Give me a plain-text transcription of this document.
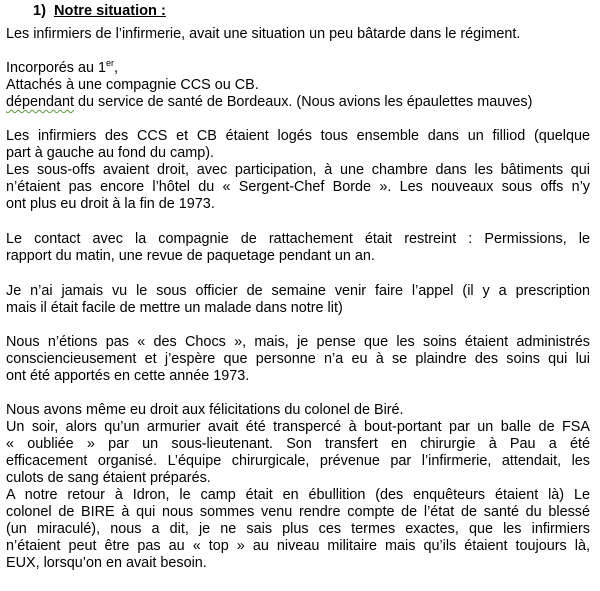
1) Notre situation :
Les infirmiers de l’infirmerie, avait une situation un peu bâtarde dans le régiment.
Incorporés au 1er,
Attachés à une compagnie CCS ou CB.
dépendant du service de santé de Bordeaux. (Nous avions les épaulettes mauves)
Les infirmiers des CCS et CB étaient logés tous ensemble dans un filliod (quelque
part à gauche au fond du camp).
Les sous-offs avaient droit, avec participation, à une chambre dans les bâtiments qui
n’étaient pas encore l’hôtel du « Sergent-Chef Borde ». Les nouveaux sous offs n’y
ont plus eu droit à la fin de 1973.
Le contact avec la compagnie de rattachement était restreint : Permissions, le
rapport du matin, une revue de paquetage pendant un an.
Je n’ai jamais vu le sous officier de semaine venir faire l’appel (il y a prescription
mais il était facile de mettre un malade dans notre lit)
Nous n’étions pas « des Chocs », mais, je pense que les soins étaient administrés
consciencieusement et j’espère que personne n’a eu à se plaindre des soins qui lui
ont été apportés en cette année 1973.
Nous avons même eu droit aux félicitations du colonel de Biré.
Un soir, alors qu’un armurier avait été transpercé à bout-portant par un balle de FSA
« oubliée » par un sous-lieutenant. Son transfert en chirurgie à Pau a été
efficacement organisé. L’équipe chirurgicale, prévenue par l’infirmerie, attendait, les
culots de sang étaient préparés.
A notre retour à Idron, le camp était en ébullition (des enquêteurs étaient là) Le
colonel de BIRE à qui nous sommes venu rendre compte de l’état de santé du blessé
(un miraculé), nous a dit, je ne sais plus ces termes exactes, que les infirmiers
n’étaient peut être pas au « top » au niveau militaire mais qu’ils étaient toujours là,
EUX, lorsqu’on en avait besoin.
